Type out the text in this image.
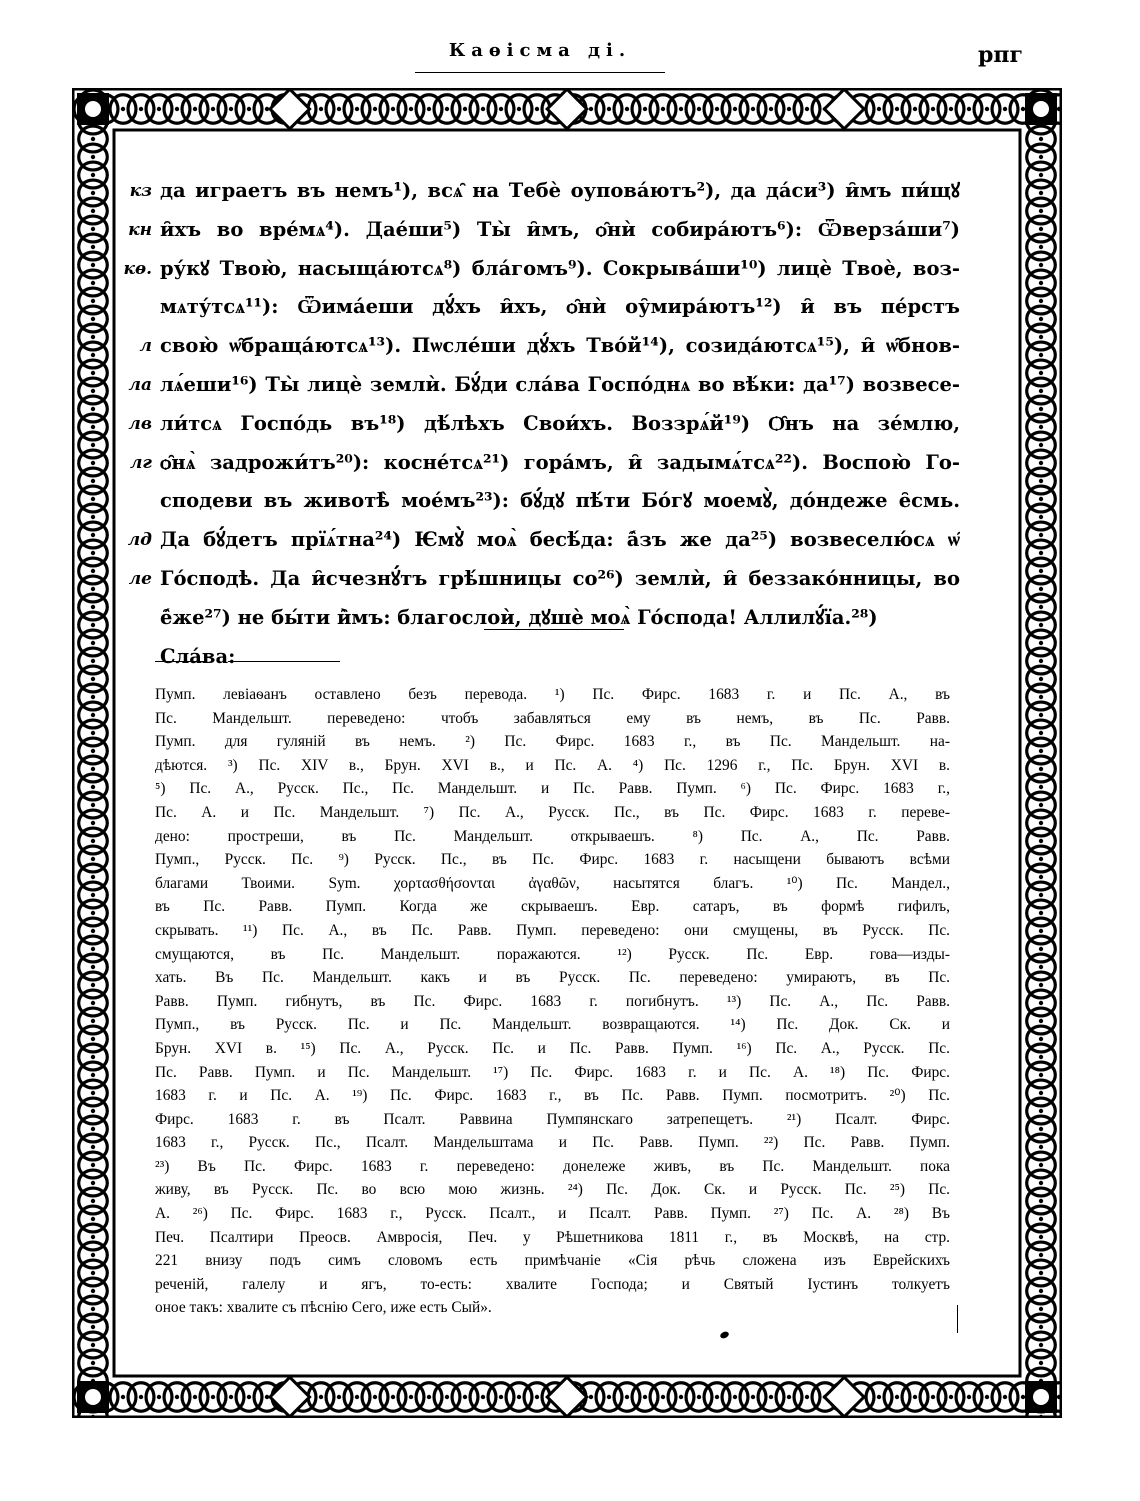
Каѳісма ді.	рпг
кз
кн
кѳ.
л
ла
лв
лг
лд
ле
да играетъ въ немъ¹), всѧ̑ на Тебѐ оупова́ютъ²), да да́си³) и̑мъ пи́щꙋ
и̑хъ во вре́мѧ⁴). Дае́ши⁵) Ты̀ и̑мъ, ѻ̑нѝ собира́ютъ⁶): Ѿверза́ши⁷)
ру́кꙋ Твою̀, насыща́ютсѧ⁸) бла́гомъ⁹). Сокрыва́ши¹⁰) лицѐ Твоѐ, воз-
мѧту́тсѧ¹¹): Ѿима́еши дꙋ́хъ и̑хъ, ѻ̑нѝ оу̑мира́ютъ¹²) и̑ въ пе́рстъ
свою̀ ѡ̑браща́ютсѧ¹³). Пѡсле́ши дꙋ́хъ Тво́й¹⁴), созида́ютсѧ¹⁵), и̑ ѡ̑бнов-
лѧ́еши¹⁶) Ты̀ лицѐ землѝ. Бꙋ́ди сла́ва Госпо́днѧ во вѣ́ки: да¹⁷) возвесе-
ли́тсѧ Госпо́дь въ¹⁸) дѣ́лѣхъ Свои́хъ. Воззрѧ́й¹⁹) Ѻ̑нъ на зе́млю,
ѻ̑нѧ̀ задрожи́тъ²⁰): косне́тсѧ²¹) гора́мъ, и̑ задымѧ́тсѧ²²). Воспою̀ Го-
сподеви въ животѣ̀ мое́мъ²³): бꙋ́дꙋ пѣ́ти Бо́гꙋ моемꙋ̀, до́ндеже е̑смь.
Да бꙋ́детъ прїѧ́тна²⁴) Ѥмꙋ̀ моѧ̀ бесѣ́да: а̑́зъ же да²⁵) возвеселю́сѧ ѡ̑
Го́сподѣ. Да и̑счезнꙋ́тъ грѣ́шницы со²⁶) землѝ, и̑ беззако́нницы, во
е̑́же²⁷) не бы́ти и̑̀мъ: благослоѝ, дꙋшѐ моѧ̀ Го́спода! Аллилꙋ́їа.²⁸)
Сла́ва:
Пумп. левіаѳанъ оставлено безъ перевода. ¹) Пс. Фирс. 1683 г. и Пс. А., въ
Пс. Мандельшт. переведено: чтобъ забавляться ему въ немъ, въ Пс. Равв.
Пумп. для гуляній въ немъ. ²) Пс. Фирс. 1683 г., въ Пс. Мандельшт. на-
дѣются. ³) Пс. XIV в., Брун. XVI в., и Пс. А. ⁴) Пс. 1296 г., Пс. Брун. XVI в.
⁵) Пс. А., Русск. Пс., Пс. Мандельшт. и Пс. Равв. Пумп. ⁶) Пс. Фирс. 1683 г.,
Пс. А. и Пс. Мандельшт. ⁷) Пс. А., Русск. Пс., въ Пс. Фирс. 1683 г. переве-
дено: простреши, въ Пс. Мандельшт. открываешъ. ⁸) Пс. А., Пс. Равв.
Пумп., Русск. Пс. ⁹) Русск. Пс., въ Пс. Фирс. 1683 г. насыщени бываютъ всѣми
благами Твоими. Sym. χορτασθήσονται ἀγαθῶν, насытятся благъ. ¹⁰) Пс. Мандел.,
въ Пс. Равв. Пумп. Когда же скрываешъ. Евр. сатаръ, въ формѣ гифилъ,
скрывать. ¹¹) Пс. А., въ Пс. Равв. Пумп. переведено: они смущены, въ Русск. Пс.
смущаются, въ Пс. Мандельшт. поражаются. ¹²) Русск. Пс. Евр. гова—изды-
хать. Въ Пс. Мандельшт. какъ и въ Русск. Пс. переведено: умираютъ, въ Пс.
Равв. Пумп. гибнутъ, въ Пс. Фирс. 1683 г. погибнутъ. ¹³) Пс. А., Пс. Равв.
Пумп., въ Русск. Пс. и Пс. Мандельшт. возвращаются. ¹⁴) Пс. Док. Ск. и
Брун. XVI в. ¹⁵) Пс. А., Русск. Пс. и Пс. Равв. Пумп. ¹⁶) Пс. А., Русск. Пс.
Пс. Равв. Пумп. и Пс. Мандельшт. ¹⁷) Пс. Фирс. 1683 г. и Пс. А. ¹⁸) Пс. Фирс.
1683 г. и Пс. А. ¹⁹) Пс. Фирс. 1683 г., въ Пс. Равв. Пумп. посмотритъ. ²⁰) Пс.
Фирс. 1683 г. въ Псалт. Раввина Пумпянскаго затрепещетъ. ²¹) Псалт. Фирс.
1683 г., Русск. Пс., Псалт. Мандельштама и Пс. Равв. Пумп. ²²) Пс. Равв. Пумп.
²³) Въ Пс. Фирс. 1683 г. переведено: донележе живъ, въ Пс. Мандельшт. пока
живу, въ Русск. Пс. во всю мою жизнь. ²⁴) Пс. Док. Ск. и Русск. Пс. ²⁵) Пс.
А. ²⁶) Пс. Фирс. 1683 г., Русск. Псалт., и Псалт. Равв. Пумп. ²⁷) Пс. А. ²⁸) Въ
Печ. Псалтири Преосв. Амвросія, Печ. у Рѣшетникова 1811 г., въ Москвѣ, на стр.
221 внизу подъ симъ словомъ есть примѣчаніе «Сія рѣчь сложена изъ Еврейскихъ
реченій, галелу и ягъ, то-есть: хвалите Господа; и Святый Іустинъ толкуетъ
оное такъ: хвалите съ пѣснію Сего, иже есть Сый».
